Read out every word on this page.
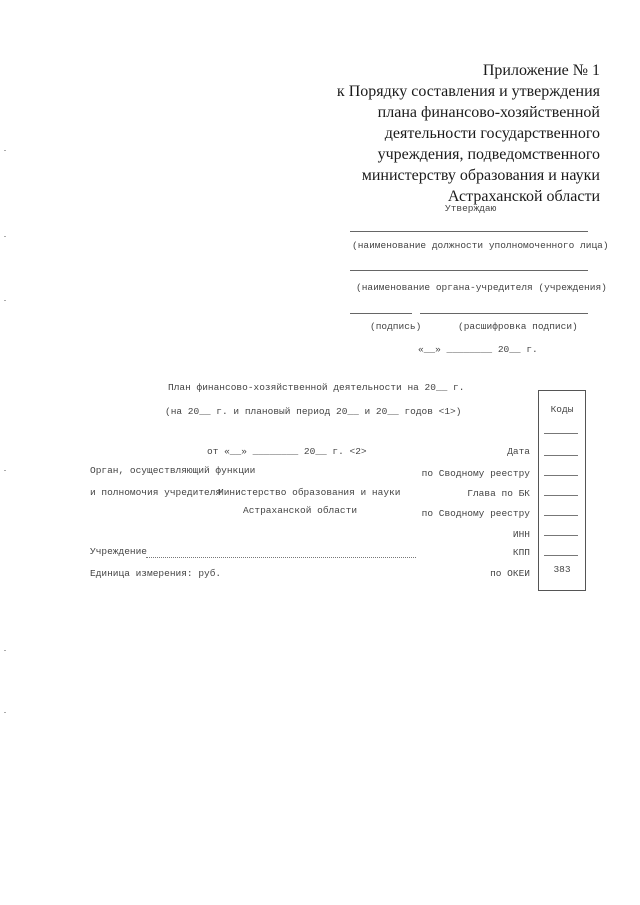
Приложение № 1
к Порядку составления и утверждения
плана финансово-хозяйственной
деятельности государственного
учреждения, подведомственного
министерству образования и науки
Астраханской области
Утверждаю
(наименование должности уполномоченного лица)
(наименование органа-учредителя (учреждения)
(подпись)	(расшифровка подписи)
«__» ________ 20__ г.
План финансово-хозяйственной деятельности на 20__ г.
(на 20__ г. и плановый период 20__ и 20__ годов <1>)
от «__» ________ 20__ г. <2>
Орган, осуществляющий функции
и полномочия учредителя
Министерство образования и науки
Астраханской области
Учреждение
Единица измерения: руб.
Дата
по Сводному реестру
Глава по БК
по Сводному реестру
ИНН
КПП
по ОКЕИ
Коды
383
